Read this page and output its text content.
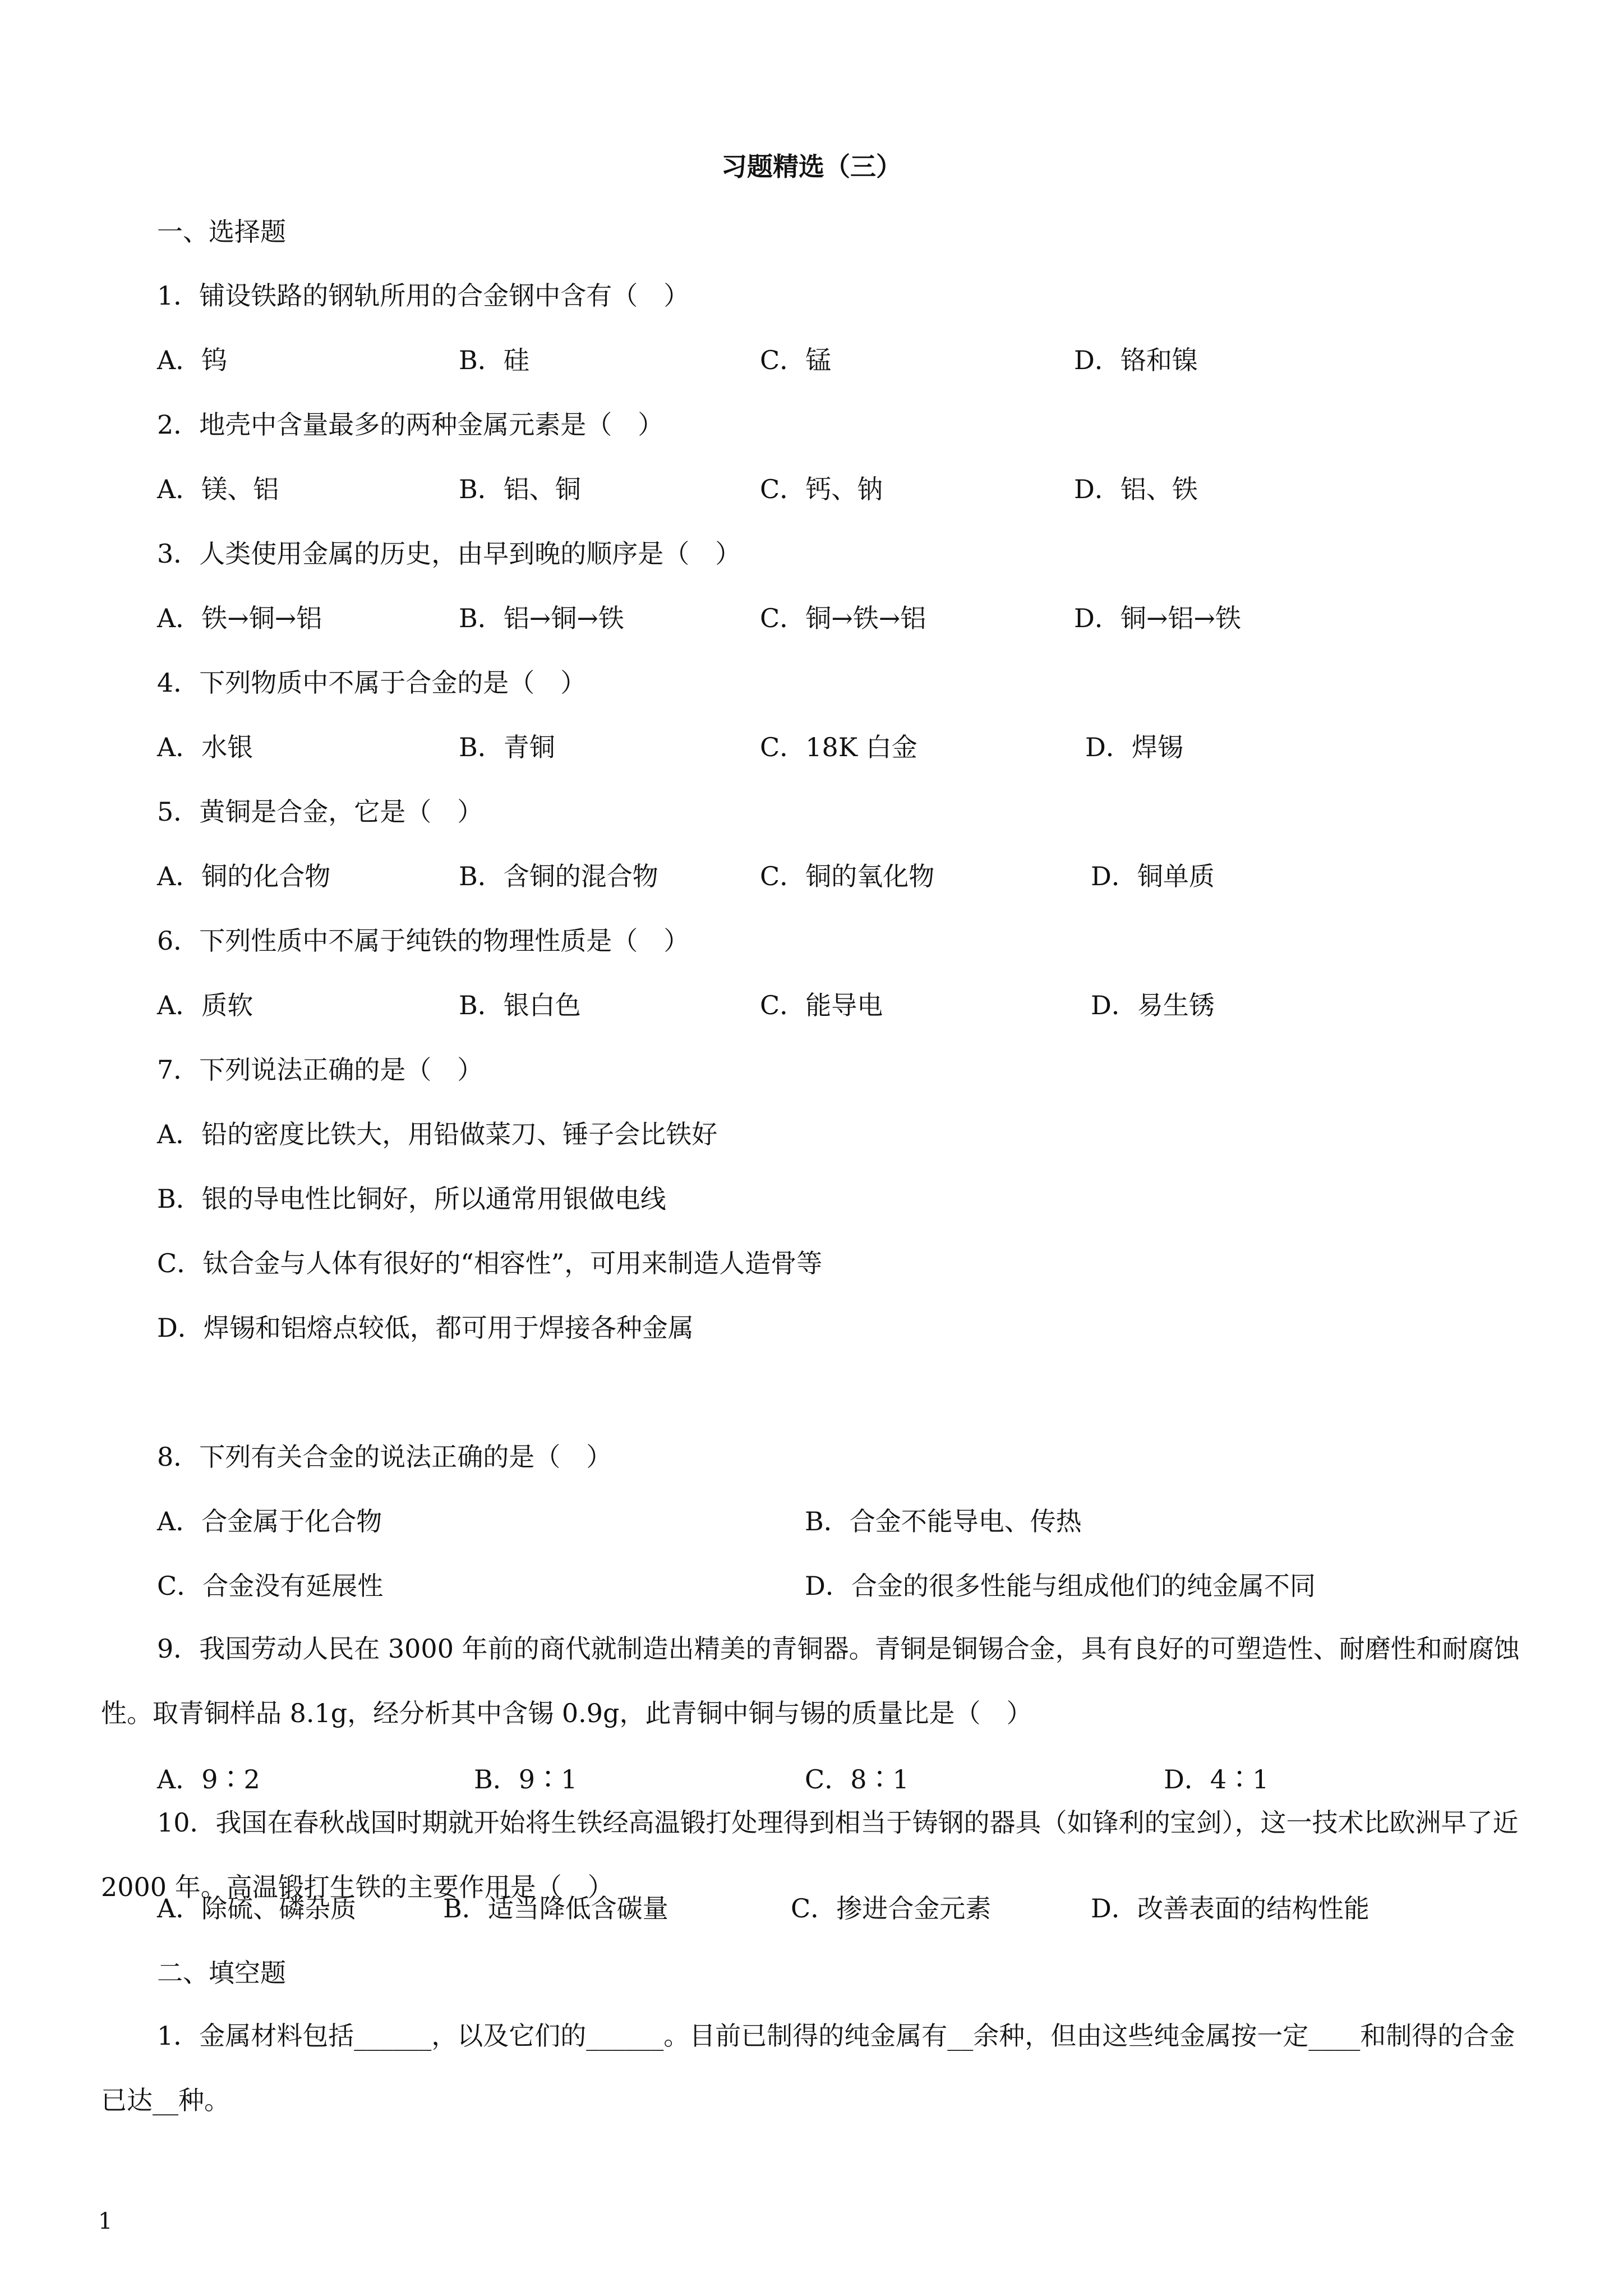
习题精选（三）
一、选择题
1．铺设铁路的钢轨所用的合金钢中含有（　）
A．钨	B．硅	C．锰	D．铬和镍
2．地壳中含量最多的两种金属元素是（　）
A．镁、铝	B．铝、铜	C．钙、钠	D．铝、铁
3．人类使用金属的历史，由早到晚的顺序是（　）
A．铁→铜→铝	B．铝→铜→铁	C．铜→铁→铝	D．铜→铝→铁
4．下列物质中不属于合金的是（　）
A．水银	B．青铜	C．18K 白金	D．焊锡
5．黄铜是合金，它是（　）
A．铜的化合物	B．含铜的混合物	C．铜的氧化物	D．铜单质
6．下列性质中不属于纯铁的物理性质是（　）
A．质软	B．银白色	C．能导电	D．易生锈
7．下列说法正确的是（　）
A．铅的密度比铁大，用铅做菜刀、锤子会比铁好
B．银的导电性比铜好，所以通常用银做电线
C．钛合金与人体有很好的“相容性”，可用来制造人造骨等
D．焊锡和铝熔点较低，都可用于焊接各种金属
8．下列有关合金的说法正确的是（　）
A．合金属于化合物	B．合金不能导电、传热
C．合金没有延展性	D．合金的很多性能与组成他们的纯金属不同
9．我国劳动人民在 3000 年前的商代就制造出精美的青铜器。青铜是铜锡合金，具有良好的可塑造性、耐磨性和耐腐蚀性。取青铜样品 8.1g，经分析其中含锡 0.9g，此青铜中铜与锡的质量比是（　）
A．9∶2	B．9∶1	C．8∶1	D．4∶1
10．我国在春秋战国时期就开始将生铁经高温锻打处理得到相当于铸钢的器具（如锋利的宝剑），这一技术比欧洲早了近 2000 年。高温锻打生铁的主要作用是（　）
A．除硫、磷杂质	B．适当降低含碳量	C．掺进合金元素	D．改善表面的结构性能
二、填空题
1．金属材料包括______，以及它们的______。目前已制得的纯金属有__余种，但由这些纯金属按一定____和制得的合金已达__种。
1
